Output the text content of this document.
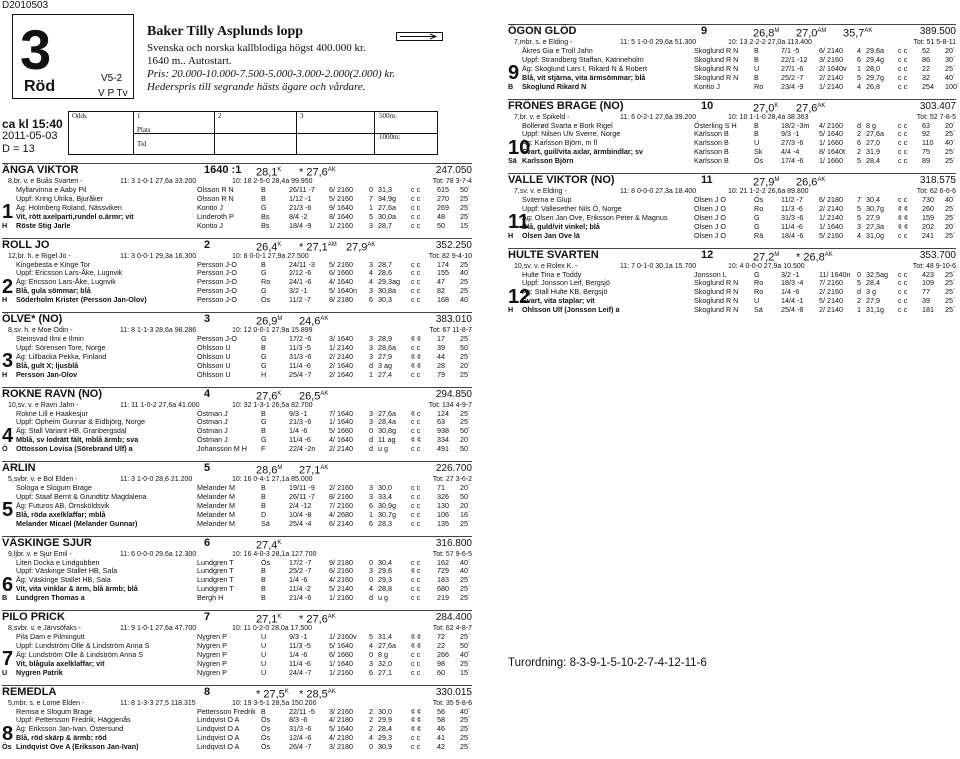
D2010503
3
Röd	V5-2
V P Tv
Baker Tilly Asplunds lopp
Svenska och norska kallblodiga högst 400.000 kr.
1640 m.. Autostart.
Pris: 20.000-10.000-7.500-5.000-3.000-2.000(2.000) kr.
Hederspris till segrande hästs ägare och vårdare.
Odds	1	2	3	500m:
Plats
1000m:
Tid
ca kl 15:40
2011-05-03
D = 13
ÄNGA VIKTOR	1640 :1 $28,1^K * 27,6^{AK}$	247.050
8,br. v. e Buås Svarten -	11: 3 1-0-1 27,6a 33.200	10: 18 2-5-0 28,4a 99.950	Tot: 78 3-7-4
1
Myllarvinna e Aaby Pil	Olsson R N	B	26/11 -7 6/ 2160 0 31,3	c c 615 50´
Uppf: Kring Ulrika, Bjuråker	Olsson R N	B	1/12 -1 5/ 2160 7 34,9g c c 270 25´
Äg: Holmberg Roland, Nässviken	Kontio J	G	21/3 -6 9/ 1640 1 27,6a c c 269 25´
Vit, rött axelparti,rundel o.ärmr; vit	Linderoth P	Bs	8/4 -2	8/ 1640 5 30,0a c c 48 25´
H Röste Stig Jarle	Kontio J	Bs	18/4 -9 1/ 2160 3 28,7	c c 50 15´
ROLL JO	2	$26,4^K * 27,1^{AM}$ $27,9^{AK}$	352.250
12,br. h. e Rigel Jo -	11: 3 0-0-1 29,3a 16.300	10: 8 0-0-1 27,9a 27.500	Tot: 82 9-4-10
2
Kingebesta e Kinge Tor	Persson J-O	B	24/11 -3 5/ 2160 3 28,7	c c 174 25´
Uppf: Ericsson Lars-Åke, Lugnvik	Persson J-O	G	2/12 -6 6/ 1660 4 28,6	c c 155 40´
Äg: Ericsson Lars-Åke, Lugnvik	Persson J-O	Ro	24/1 -6 4/ 1640 4 29,3ag c c 47 25´
Blå, gula sömmar; blå	Persson J-O	G	3/2 -1	5/ 1640n 3 30,8a c c 82 25´
H Söderholm Krister (Persson Jan-Olov)	Persson J-O	Ös	11/2 -7	8/ 2180 6 30,3	c c 168 40´
ÖLVE* (NO)	3	$26,9^M$ $24,6^{AK}$	383.010
8,sv. h. e Moe Odin -	11: 8 1-1-3 28,6a 98.286	10: 12 0-0-1 27,9a 15.899	Tot: 67 11-8-7
3
Steinsvad Ilmi e Ilmin	Persson J-O	G	17/2 -6 3/ 1640 3 28,9	¢ ¢ 17 25´
Uppf: Sörensen Tore, Norge	Ohlsson U	B	11/3 -5	1/ 2140 3 28,6a c c 39 50´
Äg: Lillbacka Pekka, Finland	Ohlsson U	G	31/3 -6 2/ 2140 3 27,9	¢ ¢ 44 25´
Blå, gult X; ljusblå	Ohlsson U	G	11/4 -6	2/ 1640 d 3 ag	¢ ¢ 28 20´
H Persson Jan-Olov	Ohlsson U	H	25/4 -7 2/ 1640 1 27,4	c c 79 25´
ROKNE RAVN (NO)	4	$27,6^K$ $26,5^{AK}$	294.850
10,sv. v. e Ravn Jahn -	11: 11 1-0-2 27,6a 41.000	10: 32 1-3-1 26,5a 82.700	Tot: 134 4-9-7
4
Rokne Lill e Haakesjur	Östman J	B	9/3 -1	7/ 1640 3 27,6a ¢ c 124 25´
Uppf: Opheim Gunnar & Eidbjörg, Norge	Östman J	G	21/3 -6 1/ 1640 3 28,4a c c 63 25´
Äg: Stall Variant HB, Granbergsdal	Östman J	B	1/4 -6	5/ 1660 0 30,8g c c 938 50´
Mblå, sv lodrätt fält, mblå ärmb; sva	Östman J	G	11/4 -6	4/ 1640 d 11 ag ¢ ¢ 334 20´
Ö Ottosson Lovisa (Sörebrand Ulf) a	Johansson M H F	22/4 -2n 2/ 2140 d u g	c c 491 50´
ARLIN	5	$28,6^M$ $27,1^{AK}$	226.700
5,svbr. v. e Bol Elden -	11: 3 1-0-0 28,6 21.200	10: 16 0-4-1 27,1a 85.000	Tot: 27 3-6-2
5
Sologa e Slogum Brage	Melander M	B	19/11 -9 2/ 2160 3 30,0	c c 71 20´
Uppf: Staaf Bernt & Grundtitz Magdalena	Melander M	B	26/11 -7 8/ 2160 3 33,4	c c 326 50´
Äg: Futuros AB, Örnsköldsvik	Melander M	B	2/4 -12 7/ 2160 6 30,9g c c 130 20´
Blå, röda axelklaffar; mblå	Melander M	D	10/4 -8 4/ 2680 1 30,7g c c 106 16´
Melander Micael (Melander Gunnar)	Melander M	Sä	25/4 -4 6/ 2140 6 28,3	c c 135 25´
VÄSKINGE SJUR	6	$27,4^K$	316.800
9,ljbr. v. e Sjur Emil -	11: 6 0-0-0 29,6a 12.300	10: 16 4-0-3 28,1a 127.700	Tot: 57 9-6-5
6
Liten Docka e Lindgubben	Lundgren T	Ös	17/2 -7 9/ 2180 0 30,4	c c 162 40´
Uppf: Väskinge Stallet HB, Sala	Lundgren T	B	25/2 -7 6/ 2160 3 29,6	¢ c 729 40´
Äg: Väskinge Stallet HB, Sala	Lundgren T	B	1/4 -6	4/ 2160 0 29,3	c c 183 25´
Vit, vita vinklar & ärm, blå ärmb; blå	Lundgren T	B	11/4 -2	5/ 2140 4 28,8	c c 680 25´
B Lundgren Thomas a	Bergh H	B	21/4 -6 1/ 2160 d u g	c c 219 25´
PILO PRICK	7	$27,1^K * 27,6^{AK}$	284.400
8,svbr. v. e Järvsöfaks -	11: 9 1-0-1 27,6a 47.700	10: 11 0-2-0 28,0a 17.500	Tot: 62 4-8-7
7
Pila Dam e Pilmingutt	Nygren P	U	9/3 -1	1/ 2160v 5 31,4	¢ ¢ 72 25´
Uppf: Lundström Olle & Lindström Anna S	Nygren P	U	11/3 -5	5/ 1640 4 27,6a ¢ ¢ 22 50´
Äg: Lundström Olle & Lindström Anna S	Nygren P	U	1/4 -6	6/ 1660 0 8 g	c c 266 40´
Vit, blågula axelklaffar; vit	Nygren P	U	11/4 -6	1/ 1640 3 32,0	c c 98 25´
U Nygren Patrik	Nygren P	U	24/4 -7 1/ 2160 6 27,1	c c 60 15´
REMEDLA	8	* $27,5^K * 28,5^{AK}$	330.015
5,mbr. s. e Lome Elden -	11: 8 1-3-3 27,5 118.315	10: 19 3-5-1 28,5a 150.200	Tot: 35 5-8-6
8
Remsa e Slogum Brage	Pettersson Fredrik B	22/11 -5 3/ 2160 2 30,0	¢ ¢ 56 40´
Uppf: Pettersson Fredrik, Häggenås	Lindqvist O A	Ös	8/3 -6	4/ 2180 2 29,9	¢ ¢ 58 25´
Äg: Eriksson Jan-Ivan, Östersund	Lindqvist O A	Ös	31/3 -6 5/ 1640 2 28,4	¢ ¢ 46 25´
Blå, röd skärp & ärmb; röd	Lindqvist O A	Ös	12/4 -6 4/ 2180 4 29,3	c c 41 25´
Ös Lindqvist Ove A (Eriksson Jan-Ivan)	Lindqvist O A	Ös	26/4 -7 3/ 2180 0 30,9	c c 42 25´
ÖGON GLÖD	9	$26,8^M$ $27,0^{AM}$ $35,7^{AK}$	389.500
7,mbr. s. e Elding -	11: 5 1-0-0 29,6a 51.300	10: 13 2-2-2 27,0a 113.400	Tot: 51 5-8-11
9
Åkres Gia e Troll Jahn	Skoglund R N B	7/1 -5	6/ 2140 4 29,6a c c 52 20´
Uppf: Strandberg Staffan, Katrineholm	Skoglund R N B	22/1 -12 3/ 2160 6 29,4g c c 86 30´
Äg: Skoglund Lars I, Rikard N & Robert	Skoglund R N U	27/1 -6 2/ 1640v 1 28,0	c c 22 25´
Blå, vit stjärna, vita ärmsömmar; blå	Skoglund R N B	25/2 -7 2/ 2140 5 29,7g c c 32 40´
B Skoglund Rikard N	Kontio J	Ro 23/4 -9 1/ 2140 4 26,8	c c 254 100´
FRÖNES BRAGE (NO)	10	$27,0^K$ $27,6^{AK}$	303.407
7,br. v. e Spikeld -	11: 6 0-2-1 27,6a 39.200	10: 10 1-1-0 28,4a 38.363	Tot: 52 7-8-5
10
Bollerød Svarta e Bork Rigel	Österling S H B	18/2 -3m 4/ 2160 d 8 g	c c 63 20´
Uppf: Nilsen Ulv Sverre, Norge	Karlsson B	B	9/3 -1	5/ 1640 2 27,6a c c 92 25´
Äg: Karlsson Björn, m fl	Karlsson B	U	27/3 -6 1/ 1660 6 27,0	c c 110 40´
Svart, guil/vita axlar, ärmbindlar; sv	Karlsson B	Sk	4/4 -4	8/ 1640t 2 31,9	c c 75 25´
Sä Karlsson Björn	Karlsson B	Ös 17/4 -6 1/ 1660 5 28,4	c c 89 25´
VALLE VIKTOR (NO)	11	$27,9^M$ $26,6^{AK}$	318.575
7,sv. v. e Elding -	11: 8 0-0-0 27,3a 18.400	10: 21 1-2-2 26,6a 89.800	Tot: 62 6-6-6
11
Sviterna e Glup	Olsen J O	Ös 11/2 -7 6/ 2180 7 30,4	c c 730 40´
Uppf: Vallesether Nils Ö, Norge	Olsen J O	Ro 11/3 -6 2/ 2140 5 30,7g ¢ ¢ 260 25´
Äg: Olsen Jan Ove, Eriksson Peter & Magnus	Olsen J O	G	31/3 -6 1/ 2140 5 27,9	¢ ¢ 159 25´
Blå, guld/vit vinkel; blå	Olsen J O	G	11/4 -6 1/ 1640 3 27,3a ¢ ¢ 202 20´
H Olsen Jan Ove lä	Olsen J O	Rä 18/4 -6 5/ 2160 4 31,0g c c 241 25´
HULTE SVARTEN	12	$27,2^M * 26,8^{AK}$	353.700
10,sv. v. e Rolex K. -	11: 7 0-1-0 30,1a 15.700	10: 4 0-0-0 27,9a 10.500	Tot: 48 9-10-6
12
Hulte Tina e Toddy	Jonsson L	G	3/2 -1	11/ 1640n 0 32,5ag c c 423 25´
Uppf: Jonsson Leif, Bergsjö	Skoglund R N Ro 18/3 -4 7/ 2160 5 28,4	c c 109 25´
Äg: Stall Hulte KB, Bergsjö	Skoglund R N Ro 1/4 -6	2/ 2160 d 3 g	c c 77 25´
Svart, vita staplar; vit	Skoglund R N U	14/4 -1 5/ 2140 2 27,9	c c 39 25´
H Ohlsson Ulf (Jonsson Leif) a	Skoglund R N Sä	25/4 -8 2/ 2140 1 31,1g c c 181 25´
Turordning: 8-3-9-1-5-10-2-7-4-12-11-6
